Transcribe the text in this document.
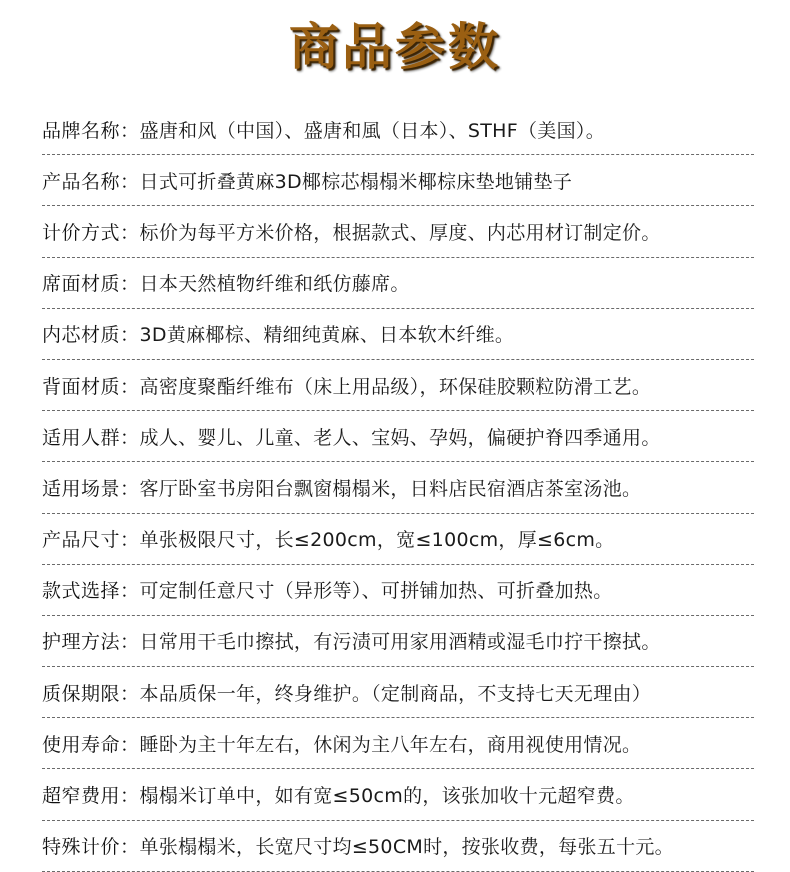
商品参数
品牌名称： 盛唐和风（中国）、盛唐和風（日本）、STHF（美国）。
产品名称： 日式可折叠黄麻3D椰棕芯榻榻米椰棕床垫地铺垫子
计价方式： 标价为每平方米价格，根据款式、厚度、内芯用材订制定价。
席面材质： 日本天然植物纤维和纸仿藤席。
内芯材质： 3D黄麻椰棕、精细纯黄麻、日本软木纤维。
背面材质： 高密度聚酯纤维布（床上用品级），环保硅胶颗粒防滑工艺。
适用人群： 成人、婴儿、儿童、老人、宝妈、孕妈，偏硬护脊四季通用。
适用场景： 客厅卧室书房阳台飘窗榻榻米，日料店民宿酒店茶室汤池。
产品尺寸： 单张极限尺寸，长≤200cm，宽≤100cm，厚≤6cm。
款式选择： 可定制任意尺寸（异形等）、可拼铺加热、可折叠加热。
护理方法： 日常用干毛巾擦拭，有污渍可用家用酒精或湿毛巾拧干擦拭。
质保期限： 本品质保一年，终身维护。（定制商品，不支持七天无理由）
使用寿命： 睡卧为主十年左右，休闲为主八年左右，商用视使用情况。
超窄费用： 榻榻米订单中，如有宽≤50cm的，该张加收十元超窄费。
特殊计价： 单张榻榻米，长宽尺寸均≤50CM时，按张收费，每张五十元。
